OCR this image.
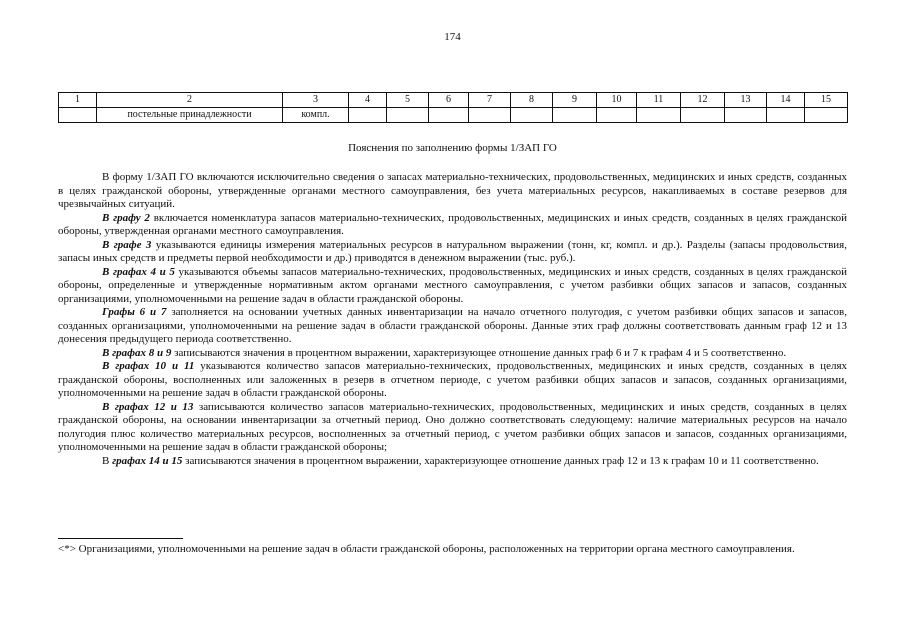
174
1	2	3	4	5	6	7	8	9	10	11	12	13	14	15
	постельные принадлежности	компл.												
Пояснения по заполнению формы 1/ЗАП ГО

В форму 1/ЗАП ГО включаются исключительно сведения о запасах материально-технических, продовольственных, медицинских и иных средств, созданных в целях гражданской обороны, утвержденные органами местного самоуправления, без учета материальных ресурсов, накапливаемых в составе резервов для чрезвычайных ситуаций.

В графу 2 включается номенклатура запасов материально-технических, продовольственных, медицинских и иных средств, созданных в целях гражданской обороны, утвержденная органами местного самоуправления.

В графе 3 указываются единицы измерения материальных ресурсов в натуральном выражении (тонн, кг, компл. и др.). Разделы (запасы продовольствия, запасы иных средств и предметы первой необходимости и др.) приводятся в денежном выражении (тыс. руб.).

В графах 4 и 5 указываются объемы запасов материально-технических, продовольственных, медицинских и иных средств, созданных в целях гражданской обороны, определенные и утвержденные нормативным актом органами местного самоуправления, с учетом разбивки общих запасов и запасов, созданных организациями, уполномоченными на решение задач в области гражданской обороны.

Графы 6 и 7 заполняется на основании учетных данных инвентаризации на начало отчетного полугодия, с учетом разбивки общих запасов и запасов, созданных организациями, уполномоченными на решение задач в области гражданской обороны. Данные этих граф должны соответствовать данным граф 12 и 13 донесения предыдущего периода соответственно.

В графах 8 и 9 записываются значения в процентном выражении, характеризующее отношение данных граф 6 и 7 к графам 4 и 5 соответственно.

В графах 10 и 11 указываются количество запасов материально-технических, продовольственных, медицинских и иных средств, созданных в целях гражданской обороны, восполненных или заложенных в резерв в отчетном периоде, с учетом разбивки общих запасов и запасов, созданных организациями, уполномоченными на решение задач в области гражданской обороны.

В графах 12 и 13 записываются количество запасов материально-технических, продовольственных, медицинских и иных средств, созданных в целях гражданской обороны, на основании инвентаризации за отчетный период. Оно должно соответствовать следующему: наличие материальных ресурсов на начало полугодия плюс количество материальных ресурсов, восполненных за отчетный период, с учетом разбивки общих запасов и запасов, созданных организациями, уполномоченными на решение задач в области гражданской обороны;

В графах 14 и 15 записываются значения в процентном выражении, характеризующее отношение данных граф 12 и 13 к графам 10 и 11 соответственно.

<*> Организациями, уполномоченными на решение задач в области гражданской обороны, расположенных на территории органа местного самоуправления.
